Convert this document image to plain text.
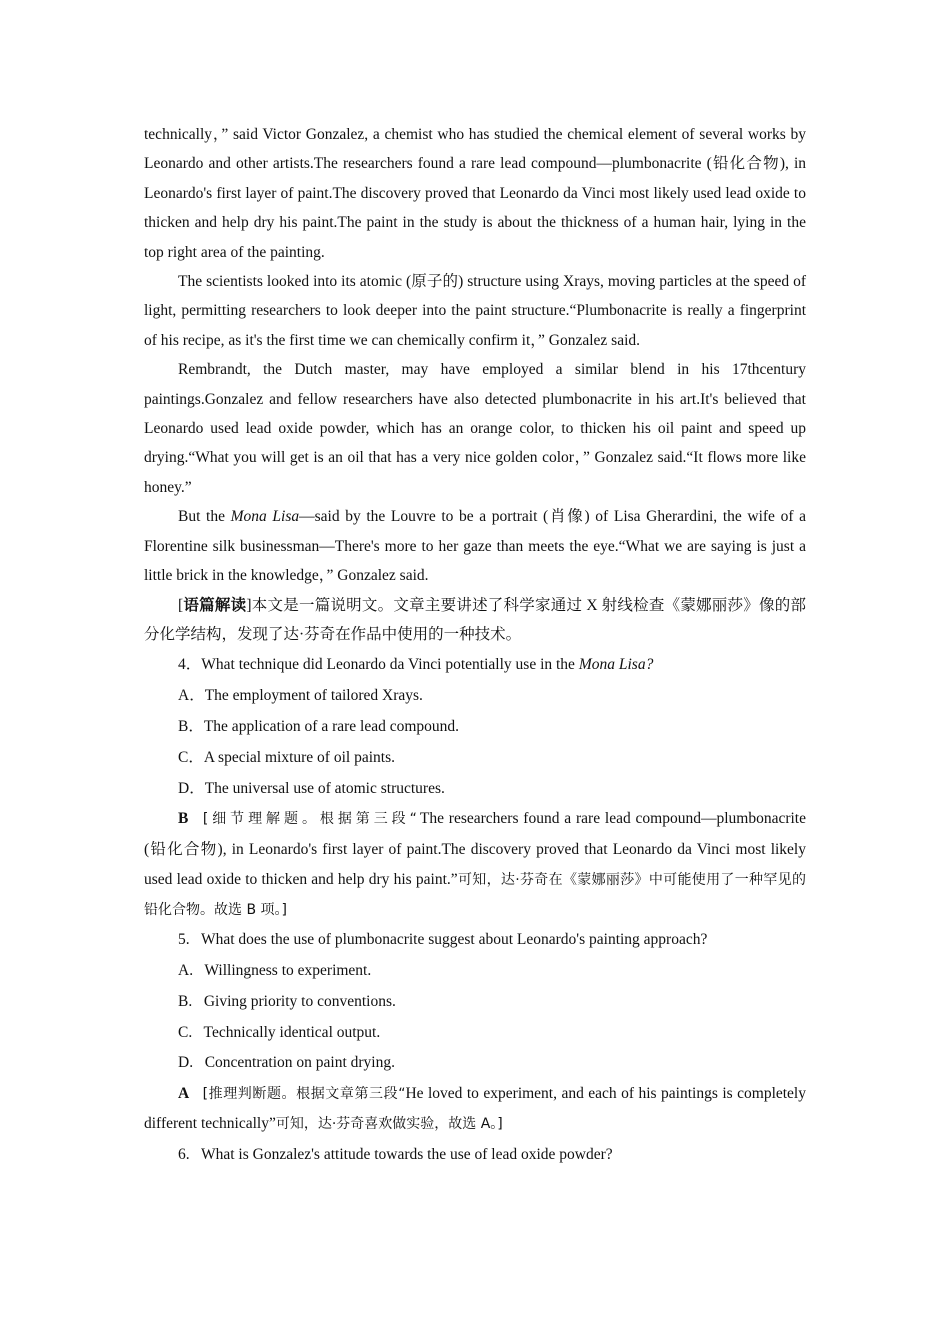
technically，” said Victor Gonzalez, a chemist who has studied the chemical element of several works by Leonardo and other artists.The researchers found a rare lead compound—plumbonacrite (铅化合物), in Leonardo's first layer of paint.The discovery proved that Leonardo da Vinci most likely used lead oxide to thicken and help dry his paint.The paint in the study is about the thickness of a human hair, lying in the top right area of the painting.

The scientists looked into its atomic (原子的) structure using Xrays, moving particles at the speed of light, permitting researchers to look deeper into the paint structure.“Plumbonacrite is really a fingerprint of his recipe, as it's the first time we can chemically confirm it，” Gonzalez said.

Rembrandt, the Dutch master, may have employed a similar blend in his 17thcentury paintings.Gonzalez and fellow researchers have also detected plumbonacrite in his art.It's believed that Leonardo used lead oxide powder, which has an orange color, to thicken his oil paint and speed up drying.“What you will get is an oil that has a very nice golden color，” Gonzalez said.“It flows more like honey.”

But the Mona Lisa—said by the Louvre to be a portrait (肖像) of Lisa Gherardini, the wife of a Florentine silk businessman—There's more to her gaze than meets the eye.“What we are saying is just a little brick in the knowledge，” Gonzalez said.

[语篇解读]本文是一篇说明文。文章主要讲述了科学家通过 X 射线检查《蒙娜丽莎》像的部分化学结构，发现了达·芬奇在作品中使用的一种技术。

4．What technique did Leonardo da Vinci potentially use in the Mona Lisa?
A．The employment of tailored Xrays.
B．The application of a rare lead compound.
C．A special mixture of oil paints.
D．The universal use of atomic structures.

B [细节理解题。根据第三段“The researchers found a rare lead compound—plumbonacrite (铅化合物), in Leonardo's first layer of paint.The discovery proved that Leonardo da Vinci most likely used lead oxide to thicken and help dry his paint.”可知，达·芬奇在《蒙娜丽莎》中可能使用了一种罕见的铅化合物。故选 B 项。]

5.   What does the use of plumbonacrite suggest about Leonardo's painting approach?
A.   Willingness to experiment.
B.   Giving priority to conventions.
C.   Technically identical output.
D.   Concentration on paint drying.

A [推理判断题。根据文章第三段“He loved to experiment, and each of his paintings is completely different technically”可知，达·芬奇喜欢做实验，故选 A。]

6.   What is Gonzalez's attitude towards the use of lead oxide powder?
